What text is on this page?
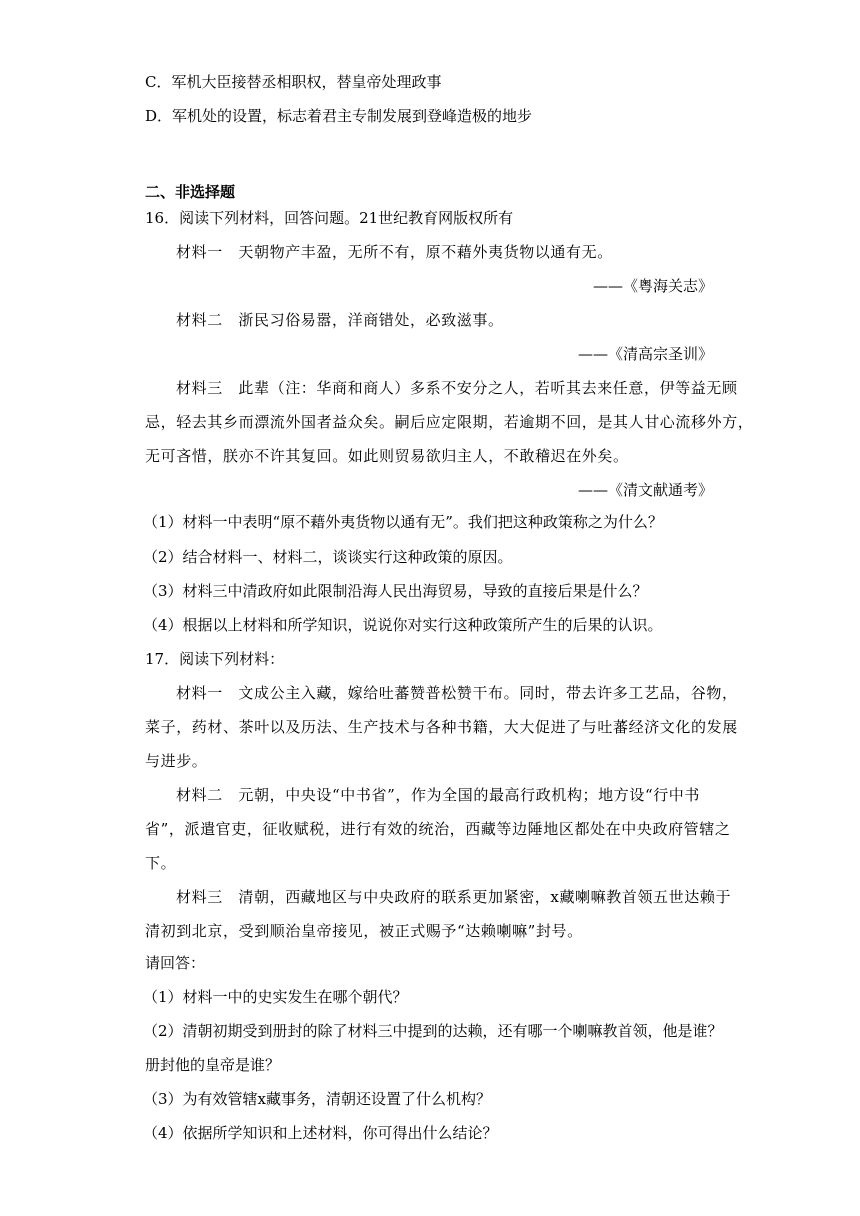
C．军机大臣接替丞相职权，替皇帝处理政事
D．军机处的设置，标志着君主专制发展到登峰造极的地步
二、非选择题
16．阅读下列材料，回答问题。21世纪教育网版权所有
材料一　天朝物产丰盈，无所不有，原不藉外夷货物以通有无。
——《粤海关志》
材料二　浙民习俗易嚣，洋商错处，必致滋事。
——《清高宗圣训》
材料三　此辈（注：华商和商人）多系不安分之人，若听其去来任意，伊等益无顾
忌，轻去其乡而漂流外国者益众矣。嗣后应定限期，若逾期不回，是其人甘心流移外方，
无可吝惜，朕亦不许其复回。如此则贸易欲归主人，不敢稽迟在外矣。
——《清文献通考》
（1）材料一中表明“原不藉外夷货物以通有无”。我们把这种政策称之为什么？
（2）结合材料一、材料二，谈谈实行这种政策的原因。
（3）材料三中清政府如此限制沿海人民出海贸易，导致的直接后果是什么？
（4）根据以上材料和所学知识，说说你对实行这种政策所产生的后果的认识。
17．阅读下列材料：
材料一　文成公主入藏，嫁给吐蕃赞普松赞干布。同时，带去许多工艺品，谷物，
菜子，药材、茶叶以及历法、生产技术与各种书籍，大大促进了与吐蕃经济文化的发展
与进步。
材料二　元朝，中央设“中书省”，作为全国的最高行政机构；地方设“行中书
省”，派遣官吏，征收赋税，进行有效的统治，西藏等边陲地区都处在中央政府管辖之
下。
材料三　清朝，西藏地区与中央政府的联系更加紧密，x藏喇嘛教首领五世达赖于
清初到北京，受到顺治皇帝接见，被正式赐予“达赖喇嘛”封号。
请回答：
（1）材料一中的史实发生在哪个朝代？
（2）清朝初期受到册封的除了材料三中提到的达赖，还有哪一个喇嘛教首领，他是谁？
册封他的皇帝是谁？
（3）为有效管辖x藏事务，清朝还设置了什么机构？
（4）依据所学知识和上述材料，你可得出什么结论？
